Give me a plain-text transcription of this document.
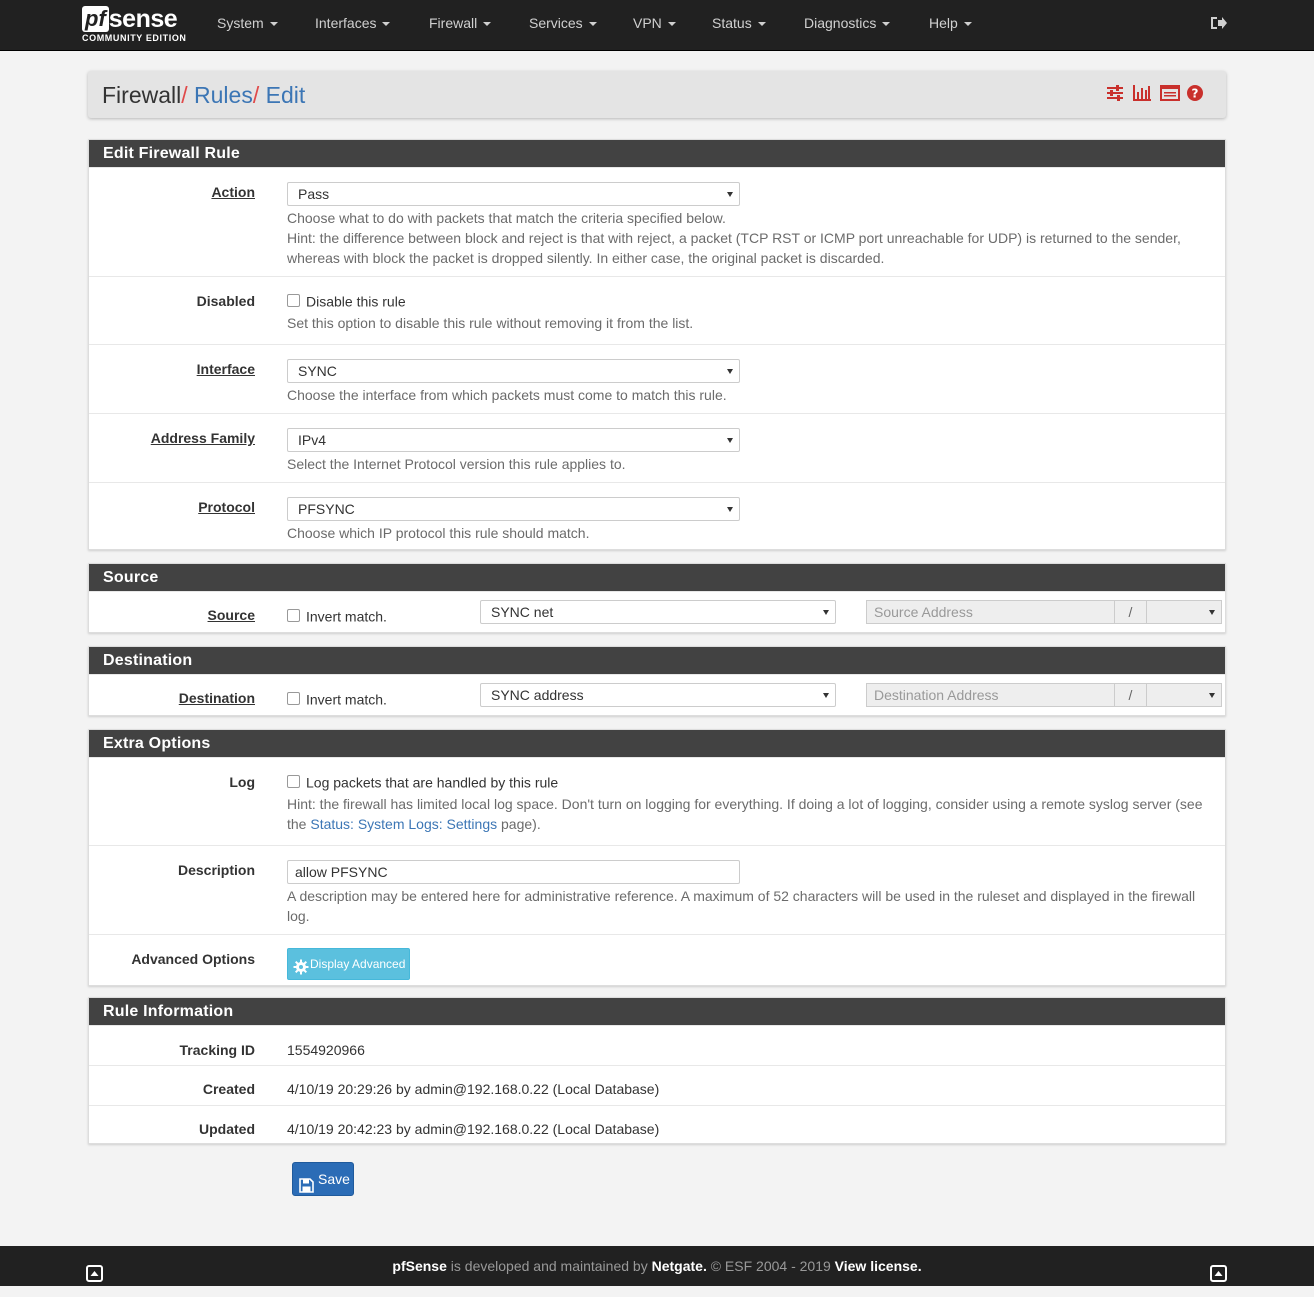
pf sense
COMMUNITY EDITION
System	Interfaces	Firewall	Services	VPN	Status	Diagnostics	Help
Firewall/ Rules/ Edit	?
Edit Firewall Rule
Action	Pass
Choose what to do with packets that match the criteria specified below.
Hint: the difference between block and reject is that with reject, a packet (TCP RST or ICMP port unreachable for UDP) is returned to the sender, whereas with block the packet is dropped silently. In either case, the original packet is discarded.
Disabled	Disable this rule
Set this option to disable this rule without removing it from the list.
Interface	SYNC
Choose the interface from which packets must come to match this rule.
Address Family	IPv4
Select the Internet Protocol version this rule applies to.
Protocol	PFSYNC
Choose which IP protocol this rule should match.
Source
Source	Invert match.	SYNC net	Source Address	/
Destination
Destination	Invert match.	SYNC address	Destination Address	/
Extra Options
Log	Log packets that are handled by this rule
Hint: the firewall has limited local log space. Don't turn on logging for everything. If doing a lot of logging, consider using a remote syslog server (see the Status: System Logs: Settings page).
Description	allow PFSYNC
A description may be entered here for administrative reference. A maximum of 52 characters will be used in the ruleset and displayed in the firewall log.
Advanced Options	Display Advanced
Rule Information
Tracking ID 1554920966
Created 4/10/19 20:29:26 by admin@192.168.0.22 (Local Database)
Updated 4/10/19 20:42:23 by admin@192.168.0.22 (Local Database)
Save
pfSense is developed and maintained by Netgate. © ESF 2004 - 2019 View license.
